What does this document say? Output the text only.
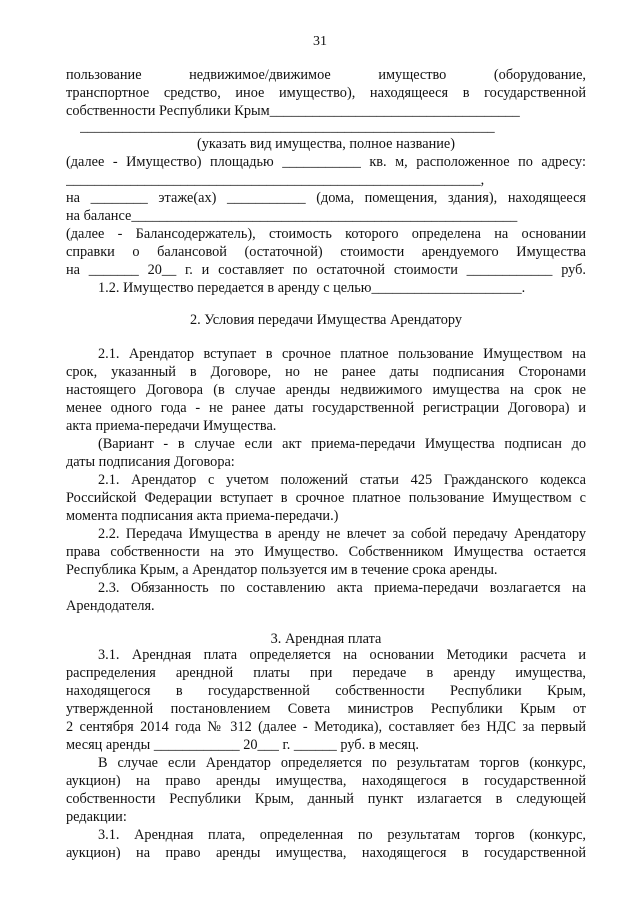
31
пользование недвижимое/движимое имущество (оборудование,
транспортное средство, иное имущество), находящееся в государственной
собственности Республики Крым___________________________________
__________________________________________________________
(указать вид имущества, полное название)
(далее - Имущество) площадью ___________ кв. м, расположенное по адресу:
__________________________________________________________,
на ________ этаже(ах) ___________ (дома, помещения, здания), находящееся
на балансе______________________________________________________
(далее - Балансодержатель), стоимость которого определена на основании
справки о балансовой (остаточной) стоимости арендуемого Имущества
на _______ 20__ г. и составляет по остаточной стоимости ____________ руб.
1.2. Имущество передается в аренду с целью_____________________.
2. Условия передачи Имущества Арендатору
2.1. Арендатор вступает в срочное платное пользование Имуществом на
срок, указанный в Договоре, но не ранее даты подписания Сторонами
настоящего Договора (в случае аренды недвижимого имущества на срок не
менее одного года - не ранее даты государственной регистрации Договора) и
акта приема-передачи Имущества.
(Вариант - в случае если акт приема-передачи Имущества подписан до
даты подписания Договора:
2.1. Арендатор с учетом положений статьи 425 Гражданского кодекса
Российской Федерации вступает в срочное платное пользование Имуществом с
момента подписания акта приема-передачи.)
2.2. Передача Имущества в аренду не влечет за собой передачу Арендатору
права собственности на это Имущество. Собственником Имущества остается
Республика Крым, а Арендатор пользуется им в течение срока аренды.
2.3. Обязанность по составлению акта приема-передачи возлагается на
Арендодателя.
3. Арендная плата
3.1. Арендная плата определяется на основании Методики расчета и
распределения арендной платы при передаче в аренду имущества,
находящегося в государственной собственности Республики Крым,
утвержденной постановлением Совета министров Республики Крым от
2 сентября 2014 года № 312 (далее - Методика), составляет без НДС за первый
месяц аренды ____________ 20___ г. ______ руб. в месяц.
В случае если Арендатор определяется по результатам торгов (конкурс,
аукцион) на право аренды имущества, находящегося в государственной
собственности Республики Крым, данный пункт излагается в следующей
редакции:
3.1. Арендная плата, определенная по результатам торгов (конкурс,
аукцион) на право аренды имущества, находящегося в государственной
